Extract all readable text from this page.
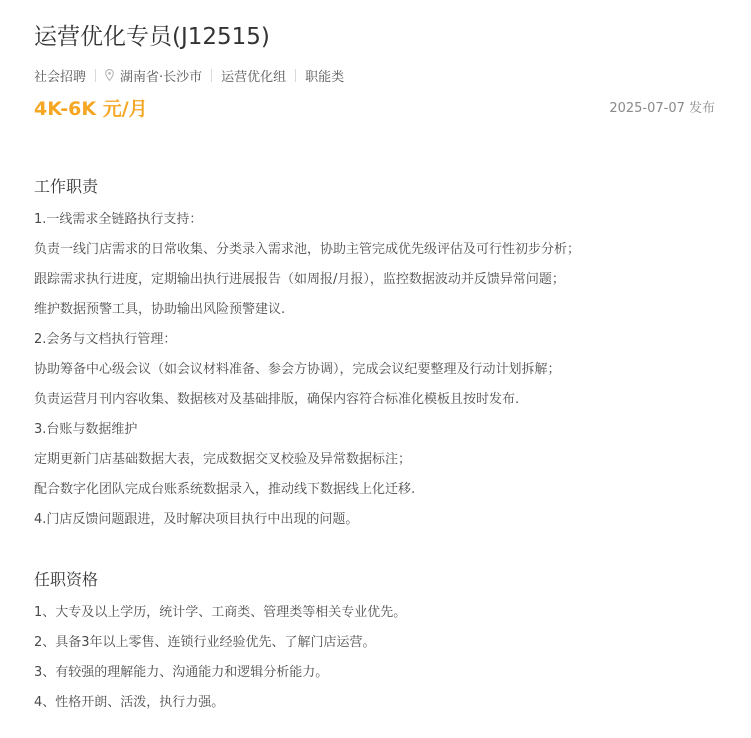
运营优化专员(J12515)
社会招聘	湖南省·长沙市 运营优化组 职能类
4K-6K 元/月	2025-07-07 发布
工作职责
1.一线需求全链路执行支持：
负责一线门店需求的日常收集、分类录入需求池，协助主管完成优先级评估及可行性初步分析；
跟踪需求执行进度，定期输出执行进展报告（如周报/月报），监控数据波动并反馈异常问题；
维护数据预警工具，协助输出风险预警建议.
2.会务与文档执行管理：
协助筹备中心级会议（如会议材料准备、参会方协调），完成会议纪要整理及行动计划拆解；
负责运营月刊内容收集、数据核对及基础排版，确保内容符合标准化模板且按时发布.
3.台账与数据维护
定期更新门店基础数据大表，完成数据交叉校验及异常数据标注；
配合数字化团队完成台账系统数据录入，推动线下数据线上化迁移.
4.门店反馈问题跟进，及时解决项目执行中出现的问题。
任职资格
1、大专及以上学历，统计学、工商类、管理类等相关专业优先。
2、具备3年以上零售、连锁行业经验优先、了解门店运营。
3、有较强的理解能力、沟通能力和逻辑分析能力。
4、性格开朗、活泼，执行力强。
